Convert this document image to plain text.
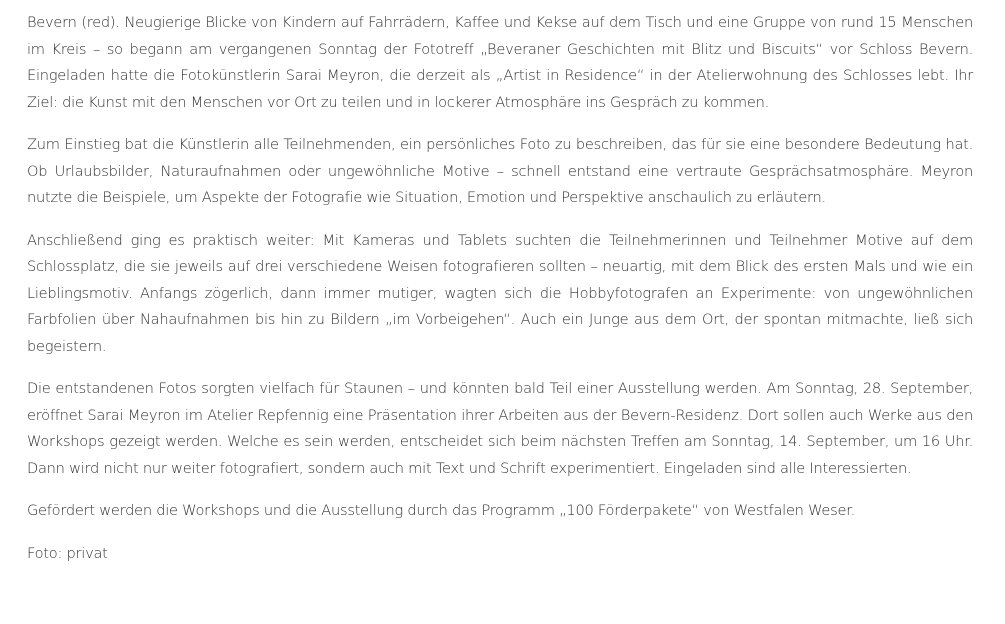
Bevern (red). Neugierige Blicke von Kindern auf Fahrrädern, Kaffee und Kekse auf dem Tisch und eine Gruppe von rund 15 Menschen im Kreis – so begann am vergangenen Sonntag der Fototreff „Beveraner Geschichten mit Blitz und Biscuits“ vor Schloss Bevern. Eingeladen hatte die Fotokünstlerin Sarai Meyron, die derzeit als „Artist in Residence“ in der Atelierwohnung des Schlosses lebt. Ihr Ziel: die Kunst mit den Menschen vor Ort zu teilen und in lockerer Atmosphäre ins Gespräch zu kommen.

Zum Einstieg bat die Künstlerin alle Teilnehmenden, ein persönliches Foto zu beschreiben, das für sie eine besondere Bedeutung hat. Ob Urlaubsbilder, Naturaufnahmen oder ungewöhnliche Motive – schnell entstand eine vertraute Gesprächsatmosphäre. Meyron nutzte die Beispiele, um Aspekte der Fotografie wie Situation, Emotion und Perspektive anschaulich zu erläutern.

Anschließend ging es praktisch weiter: Mit Kameras und Tablets suchten die Teilnehmerinnen und Teilnehmer Motive auf dem Schlossplatz, die sie jeweils auf drei verschiedene Weisen fotografieren sollten – neuartig, mit dem Blick des ersten Mals und wie ein Lieblingsmotiv. Anfangs zögerlich, dann immer mutiger, wagten sich die Hobbyfotografen an Experimente: von ungewöhnlichen Farbfolien über Nahaufnahmen bis hin zu Bildern „im Vorbeigehen“. Auch ein Junge aus dem Ort, der spontan mitmachte, ließ sich begeistern.

Die entstandenen Fotos sorgten vielfach für Staunen – und könnten bald Teil einer Ausstellung werden. Am Sonntag, 28. September, eröffnet Sarai Meyron im Atelier Repfennig eine Präsentation ihrer Arbeiten aus der Bevern-Residenz. Dort sollen auch Werke aus den Workshops gezeigt werden. Welche es sein werden, entscheidet sich beim nächsten Treffen am Sonntag, 14. September, um 16 Uhr. Dann wird nicht nur weiter fotografiert, sondern auch mit Text und Schrift experimentiert. Eingeladen sind alle Interessierten.

Gefördert werden die Workshops und die Ausstellung durch das Programm „100 Förderpakete“ von Westfalen Weser.

Foto: privat
